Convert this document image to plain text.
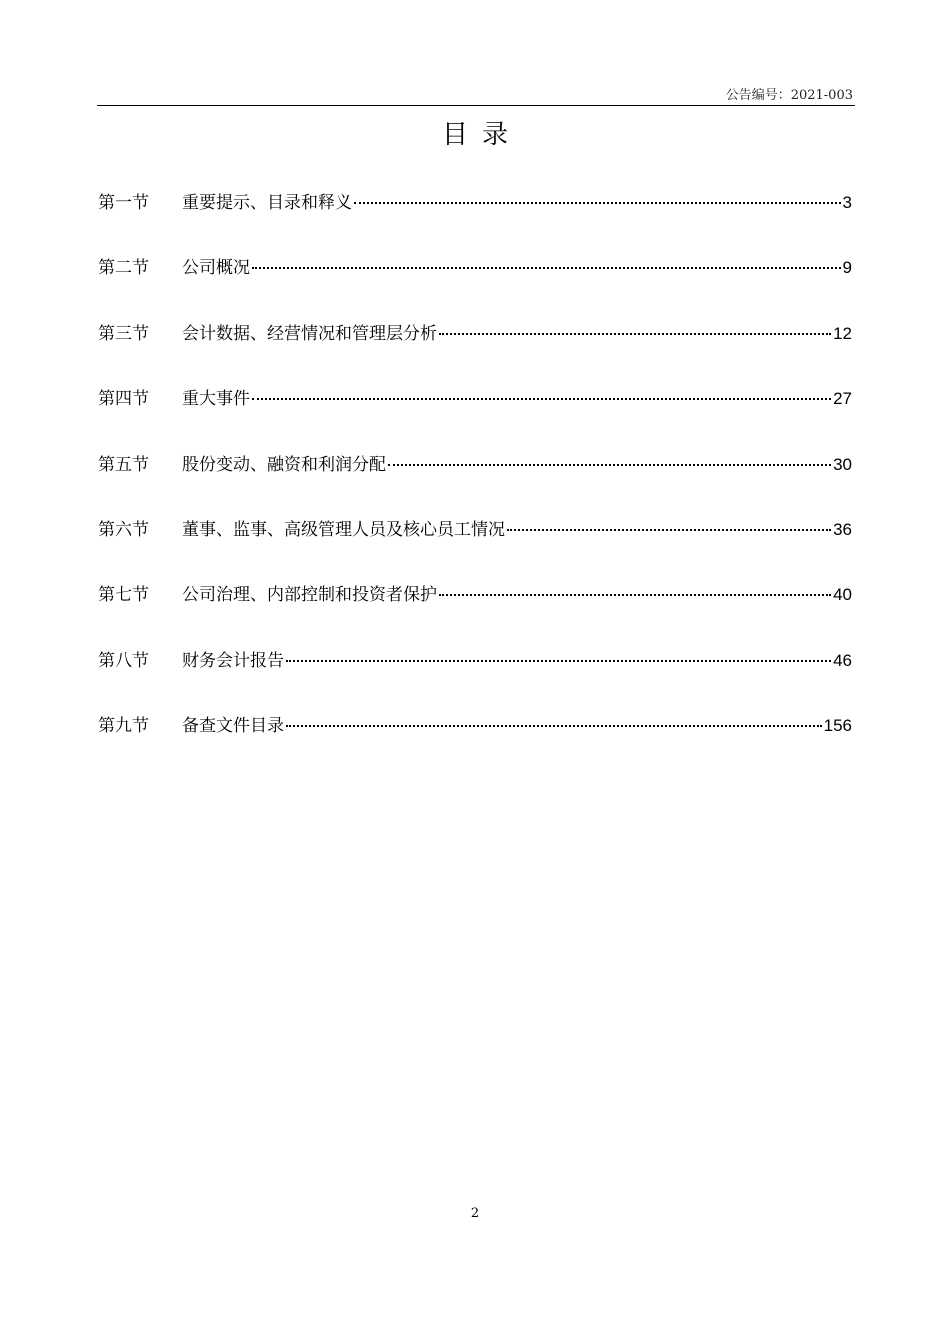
公告编号：2021-003
目录
第一节	重要提示、目录和释义	3
第二节	公司概况	9
第三节	会计数据、经营情况和管理层分析	12
第四节	重大事件	27
第五节	股份变动、融资和利润分配	30
第六节	董事、监事、高级管理人员及核心员工情况	36
第七节	公司治理、内部控制和投资者保护	40
第八节	财务会计报告	46
第九节	备查文件目录	156
2
